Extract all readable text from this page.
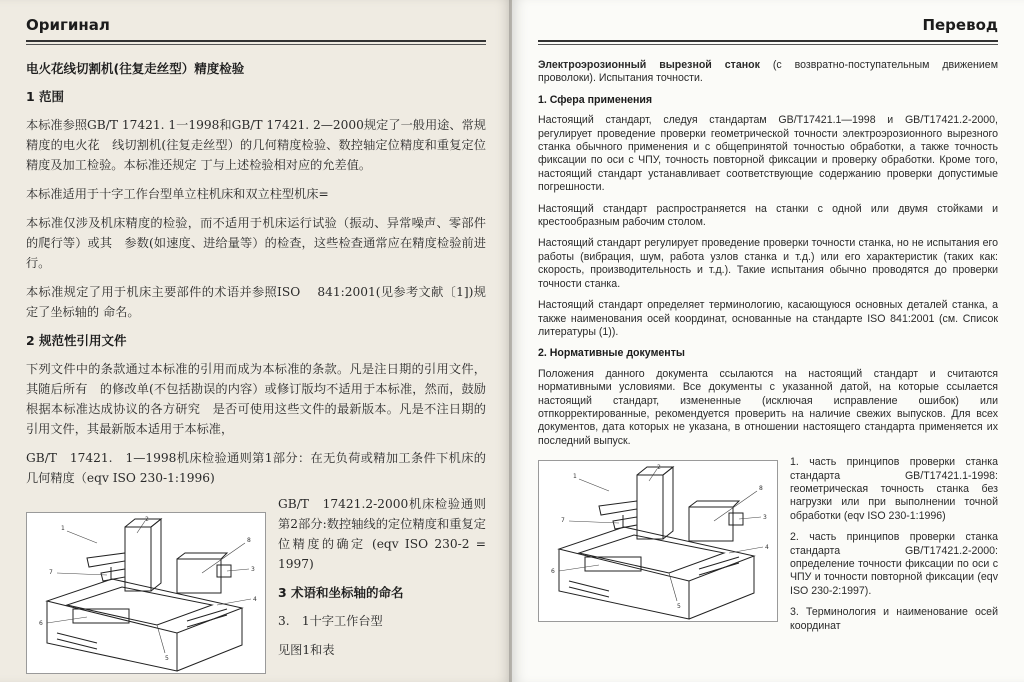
Оригинал

电火花线切割机(往复走丝型）精度检验

1 范围

本标准参照GB/T 17421. 1一1998和GB/T 17421. 2—2000规定了一般用途、常规精度的电火花　线切割机(往复走丝型）的几何精度检验、数控轴定位精度和重复定位精度及加工检验。本标准还规定 丁与上述检验相对应的允差值。

本标准适用于十字工作台型单立柱机床和双立柱型机床=

本标准仅涉及机床精度的检验，而不适用于机床运行试验（振动、异常噪声、零部件的爬行等）或其　参数(如速度、进给量等）的检查，这些检查通常应在精度检验前进行。

本标准规定了用于机床主要部件的术语并参照ISO　 841:2001(见参考文献〔1])规定了坐标轴的 命名。

2 规范性引用文件

下列文件中的条款通过本标准的引用而成为本标准的条款。凡是注日期的引用文件，其随后所有　的修改单(不包括勘误的内容）或修订版均不适用于本标准，然而，鼓励根据本标准达成协议的各方研究　是否可使用这些文件的最新版本。凡是不注日期的引用文件，其最新版本适用于本标准，

GB/T　17421.　1—1998机床检验通则第1部分：在无负荷或精加工条件下机床的几何精度（eqv ISO 230-1:1996)

1
2
3
4
5
6
7
8

GB/T　17421.2-2000机床检验通则第2部分:数控轴线的定位精度和重复定位精度的确定 (eqv ISO 230-2 = 1997)

3 术语和坐标轴的命名

3.　1十字工作台型

见图1和表

Перевод

Электроэрозионный вырезной станок (с возвратно-поступательным движением проволоки). Испытания точности.

1. Сфера применения

Настоящий стандарт, следуя стандартам GB/T17421.1—1998 и GB/T17421.2-2000, регулирует проведение проверки геометрической точности электроэрозионного вырезного станка обычного применения и с общепринятой точностью обработки, а также точность фиксации по оси с ЧПУ, точность повторной фиксации и проверку обработки. Кроме того, настоящий стандарт устанавливает соответствующие содержанию проверки допустимые погрешности.

Настоящий стандарт распространяется на станки с одной или двумя стойками и крестообразным рабочим столом.

Настоящий стандарт регулирует проведение проверки точности станка, но не испытания его работы (вибрация, шум, работа узлов станка и т.д.) или его характеристик (таких как: скорость, производительность и т.д.). Такие испытания обычно проводятся до проверки точности станка.

Настоящий стандарт определяет терминологию, касающуюся основных деталей станка, а также наименования осей координат, основанные на стандарте ISO 841:2001 (см. Список литературы (1)).

2. Нормативные документы

Положения данного документа ссылаются на настоящий стандарт и считаются нормативными условиями. Все документы с указанной датой, на которые ссылается настоящий стандарт, измененные (исключая исправление ошибок) или отпкорректированные, рекомендуется проверить на наличие свежих выпусков. Для всех документов, дата которых не указана, в отношении настоящего стандарта применяется их последний выпуск.

1
2
3
4
5
6
7
8

1. часть принципов проверки станка стандарта GB/T17421.1-1998: геометрическая точность станка без нагрузки или при выполнении точной обработки (eqv ISO 230-1:1996)

2. часть принципов проверки станка стандарта GB/T17421.2-2000: определение точности фиксации по оси с ЧПУ и точности повторной фиксации (eqv ISO 230-2:1997).

3. Терминология и наименование осей координат
